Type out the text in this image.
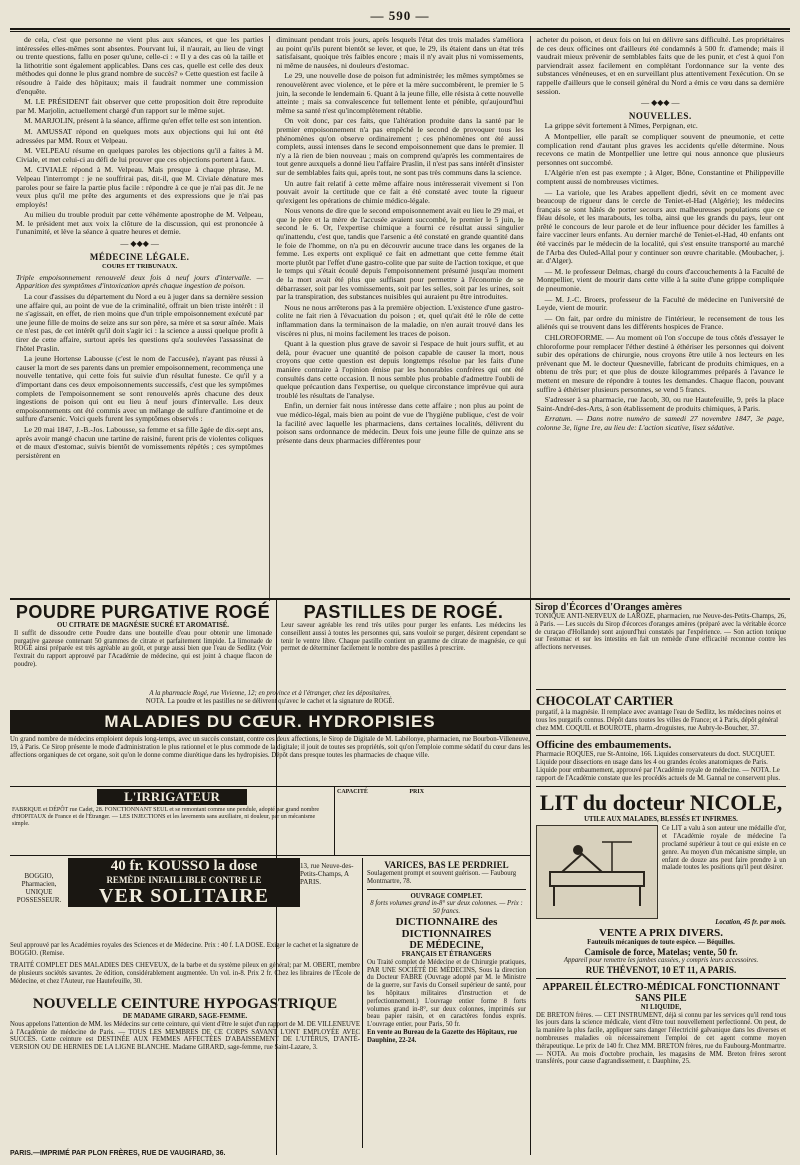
— 590 —

de cela, c'est que personne ne vient plus aux séances, et que les parties intéressées elles-mêmes sont absentes. Pourvant lui, il n'aurait, au lieu de vingt ou trente questions, fallu en poser qu'une, celle-ci : « Il y a des cas où la taille et la lithotritie sont également applicables. Dans ces cas, quelle est celle des deux méthodes qui donne le plus grand nombre de succès? » Cette question est facile à résoudre à l'aide des hôpitaux; mais il faudrait nommer une commission d'enquête.

M. LE PRÉSIDENT fait observer que cette proposition doit être reproduite par M. Marjolin, actuellement chargé d'un rapport sur le même sujet.

M. MARJOLIN, présent à la séance, affirme qu'en effet telle est son intention.

M. AMUSSAT répond en quelques mots aux objections qui lui ont été adressées par MM. Roux et Velpeau.

M. VELPEAU résume en quelques paroles les objections qu'il a faites à M. Civiale, et met celui-ci au défi de lui prouver que ces objections portent à faux.

M. CIVIALE répond à M. Velpeau. Mais presque à chaque phrase, M. Velpeau l'interrompt : je ne souffrirai pas, dit-il, que M. Civiale dénature mes paroles pour se faire la partie plus facile : répondre à ce que je n'ai pas dit. Je ne veux plus qu'il me prête des arguments et des expressions que je n'ai pas employés!

Au milieu du trouble produit par cette véhémente apostrophe de M. Velpeau, M. le président met aux voix la clôture de la discussion, qui est prononcée à l'unanimité, et lève la séance à quatre heures et demie.

— ◆◆◆ —
MÉDECINE LÉGALE.
COURS ET TRIBUNAUX.

Triple empoisonnement renouvelé deux fois à neuf jours d'intervalle. — Apparition des symptômes d'intoxication après chaque ingestion de poison.

La cour d'assises du département du Nord a eu à juger dans sa dernière session une affaire qui, au point de vue de la criminalité, offrait un bien triste intérêt : il ne s'agissait, en effet, de rien moins que d'un triple empoisonnement exécuté par une jeune fille de moins de seize ans sur son père, sa mère et sa sœur aînée. Mais ce n'est pas, de cet intérêt qu'il doit s'agir ici : la science a aussi quelque profit à tirer de cette affaire, surtout après les questions qu'a soulevées l'assassinat de l'hôtel Praslin.

La jeune Hortense Labousse (c'est le nom de l'accusée), n'ayant pas réussi à causer la mort de ses parents dans un premier empoisonnement, recommença une nouvelle tentative, qui cette fois fut suivie d'un résultat funeste. Ce qu'il y a d'important dans ces deux empoisonnements successifs, c'est que les symptômes complets de l'empoisonnement se sont renouvelés après chacune des deux ingestions de poison qui ont eu lieu à neuf jours d'intervalle. Les deux empoisonnements ont été commis avec un mélange de sulfure d'antimoine et de sulfure d'arsenic. Voici quels furent les symptômes observés :

Le 20 mai 1847, J.-B.-Jos. Labousse, sa femme et sa fille âgée de dix-sept ans, après avoir mangé chacun une tartine de raisiné, furent pris de violentes coliques et de maux d'estomac, suivis bientôt de vomissements répétés ; ces symptômes persistèrent en

diminuant pendant trois jours, après lesquels l'état des trois malades s'améliora au point qu'ils purent bientôt se lever, et que, le 29, ils étaient dans un état très satisfaisant, quoique très faibles encore ; mais il n'y avait plus ni vomissements, ni même de nausées, ni douleurs d'estomac.

Le 29, une nouvelle dose de poison fut administrée; les mêmes symptômes se renouvelèrent avec violence, et le père et la mère succombèrent, le premier le 5 juin, la seconde le lendemain 6. Quant à la jeune fille, elle résista à cette nouvelle atteinte ; mais sa convalescence fut tellement lente et pénible, qu'aujourd'hui même sa santé n'est qu'incomplètement rétablie.

On voit donc, par ces faits, que l'altération produite dans la santé par le premier empoisonnement n'a pas empêché le second de provoquer tous les phénomènes qu'on observe ordinairement ; ces phénomènes ont été aussi complets, aussi intenses dans le second empoisonnement que dans le premier. Il n'y a là rien de bien nouveau ; mais on comprend qu'après les commentaires de tout genre auxquels a donné lieu l'affaire Praslin, il n'est pas sans intérêt d'insister sur de semblables faits qui, après tout, ne sont pas très communs dans la science.

Un autre fait relatif à cette même affaire nous intéresserait vivement si l'on pouvait avoir la certitude que ce fait a été constaté avec toute la rigueur qu'exigent les opérations de chimie médico-légale.

Nous venons de dire que le second empoisonnement avait eu lieu le 29 mai, et que le père et la mère de l'accusée avaient succombé, le premier le 5 juin, le second le 6. Or, l'expertise chimique a fourni ce résultat aussi singulier qu'inattendu, c'est que, tandis que l'arsenic a été constaté en grande quantité dans le foie de l'homme, on n'a pu en découvrir aucune trace dans les organes de la femme. Les experts ont expliqué ce fait en admettant que cette femme était morte plutôt par l'effet d'une gastro-colite que par suite de l'action toxique, et que le temps qui s'était écoulé depuis l'empoisonnement présumé jusqu'au moment de la mort avait été plus que suffisant pour permettre à l'économie de se débarrasser, soit par les vomissements, soit par les selles, soit par les urines, soit par la transpiration, des substances nuisibles qui auraient pu être introduites.

Nous ne nous arrêterons pas à la première objection. L'existence d'une gastro-colite ne fait rien à l'évacuation du poison ; et, quel qu'ait été le rôle de cette inflammation dans la terminaison de la maladie, on n'en aurait trouvé dans les viscères ni plus, ni moins facilement les traces de poison.

Quant à la question plus grave de savoir si l'espace de huit jours suffit, et au delà, pour évacuer une quantité de poison capable de causer la mort, nous croyons que cette question est depuis longtemps résolue par les faits d'une manière contraire à l'opinion émise par les honorables confrères qui ont été consultés dans cette occasion. Il nous semble plus probable d'admettre l'oubli de quelque précaution dans l'expertise, ou quelque circonstance imprévue qui aura troublé les résultats de l'analyse.

Enfin, un dernier fait nous intéresse dans cette affaire ; non plus au point de vue médico-légal, mais bien au point de vue de l'hygiène publique, c'est de voir la facilité avec laquelle les pharmaciens, dans certaines localités, délivrent du poison sans ordonnance de médecin. Deux fois une jeune fille de quinze ans se présente dans deux pharmacies différentes pour

acheter du poison, et deux fois on lui en délivre sans difficulté. Les propriétaires de ces deux officines ont d'ailleurs été condamnés à 500 fr. d'amende; mais il vaudrait mieux prévenir de semblables faits que de les punir, et c'est à quoi l'on parviendrait assez facilement en complétant l'ordonnance sur la vente des substances vénéneuses, et en en surveillant plus attentivement l'exécution. On se rappelle d'ailleurs que le conseil général du Nord a émis ce vœu dans sa dernière session.

— ◆◆◆ —
NOUVELLES.

La grippe sévit fortement à Nîmes, Perpignan, etc.

A Montpellier, elle paraît se compliquer souvent de pneumonie, et cette complication rend d'autant plus graves les accidents qu'elle détermine. Nous recevons ce matin de Montpellier une lettre qui nous annonce que plusieurs personnes ont succombé.

L'Algérie n'en est pas exempte ; à Alger, Bône, Constantine et Philippeville comptent aussi de nombreuses victimes.

— La variole, que les Arabes appellent djedri, sévit en ce moment avec beaucoup de rigueur dans le cercle de Teniet-el-Had (Algérie); les médecins français se sont hâtés de porter secours aux malheureuses populations que ce fléau désole, et les marabouts, les tolba, ainsi que les grands du pays, leur ont prêté le concours de leur parole et de leur influence pour décider les familles à faire vacciner leurs enfants. Au dernier marché de Teniet-el-Had, 40 enfants ont été vaccinés par le médecin de la localité, qui s'est ensuite transporté au marché de l'Arba des Ouled-Allal pour y continuer son œuvre charitable. (Moubacher, j. ar. d'Alger).

— M. le professeur Delmas, chargé du cours d'accouchements à la Faculté de Montpellier, vient de mourir dans cette ville à la suite d'une grippe compliquée de pneumonie.

— M. J.-C. Broers, professeur de la Faculté de médecine en l'université de Leyde, vient de mourir.

— On fait, par ordre du ministre de l'intérieur, le recensement de tous les aliénés qui se trouvent dans les différents hospices de France.

CHLOROFORME. — Au moment où l'on s'occupe de tous côtés d'essayer le chloroforme pour remplacer l'éther destiné à éthériser les personnes qui doivent subir des opérations de chirurgie, nous croyons être utile à nos lecteurs en les prévenant que M. le docteur Quesneville, fabricant de produits chimiques, en a obtenu de très pur; et que plus de douze kilogrammes préparés à l'avance le mettent en mesure de répondre à toutes les demandes. Chaque flacon, pouvant suffire à éthériser plusieurs personnes, se vend 5 francs.

S'adresser à sa pharmacie, rue Jacob, 30, ou rue Hautefeuille, 9, près la place Saint-André-des-Arts, à son établissement de produits chimiques, à Paris.

Erratum. — Dans notre numéro de samedi 27 novembre 1847, 3e page, colonne 3e, ligne 1re, au lieu de: L'action sicative, lisez sédative.

POUDRE PURGATIVE ROGÉ
OU CITRATE DE MAGNÉSIE SUCRÉ ET AROMATISÉ.
Il suffit de dissoudre cette Poudre dans une bouteille d'eau pour obtenir une limonade purgative gazeuse contenant 50 grammes de citrate et parfaitement limpide. La limonade de ROGÉ ainsi préparée est très agréable au goût, et purge aussi bien que l'eau de Sedlitz (Voir l'extrait du rapport approuvé par l'Académie de médecine, qui est joint à chaque flacon de poudre).
PASTILLES DE ROGÉ.
Leur saveur agréable les rend très utiles pour purger les enfants. Les médecins les conseillent aussi à toutes les personnes qui, sans vouloir se purger, désirent cependant se tenir le ventre libre. Chaque pastille contient un gramme de citrate de magnésie, ce qui permet de déterminer facilement le nombre des pastilles à prescrire.
Sirop d'Écorces d'Oranges amères
TONIQUE ANTI-NERVEUX de LAROZE, pharmacien, rue Neuve-des-Petits-Champs, 26, à Paris. — Les succès du Sirop d'écorces d'oranges amères (préparé avec la véritable écorce de curaçao d'Hollande) sont aujourd'hui constatés par l'expérience. — Son action tonique sur l'estomac et sur les intestins en fait un remède d'une efficacité reconnue contre les affections nerveuses.
A la pharmacie Rogé, rue Vivienne, 12; en province et à l'étranger, chez les dépositaires.
NOTA. La poudre et les pastilles ne se délivrent qu'avec le cachet et la signature de ROGÉ.
MALADIES DU CŒUR. HYDROPISIES
Un grand nombre de médecins emploient depuis long-temps, avec un succès constant, contre ces deux affections, le Sirop de Digitale de M. Labélonye, pharmacien, rue Bourbon-Villeneuve, 19, à Paris. Ce Sirop présente le mode d'administration le plus rationnel et le plus commode de la digitale; il jouit de toutes ses propriétés, soit qu'on l'emploie comme sédatif du cœur dans les affections organiques de cet organe, soit qu'on le donne comme diurétique dans les hydropisies. Dépôt dans presque toutes les pharmacies de chaque ville.
L'IRRIGATEUR
FABRIQUE et DÉPÔT rue Cadet, 28. FONCTIONNANT SEUL et se remontant comme une pendule, adopté par grand nombre d'HOPITAUX de France et de l'Étranger. — LES INJECTIONS et les lavements sans auxiliaire, ni douleur, par un mécanisme simple.
CAPACITÉ	PRIX
BOGGIO, Pharmacien, UNIQUE POSSESSEUR.
40 fr. KOUSSO la dose
REMÈDE INFAILLIBLE CONTRE LE
VER SOLITAIRE
13, rue Neuve-des-Petits-Champs, A PARIS.
Seul approuvé par les Académies royales des Sciences et de Médecine. Prix : 40 f. LA DOSE. Exiger le cachet et la signature de BOGGIO. (Remise.
TRAITÉ COMPLET DES MALADIES DES CHEVEUX, de la barbe et du système pileux en général; par M. OBERT, membre de plusieurs sociétés savantes. 2e édition, considérablement augmentée. Un vol. in-8. Prix 2 fr. Chez les libraires de l'École de Médecine, et chez l'Auteur, rue Hautefeuille, 30.
NOUVELLE CEINTURE HYPOGASTRIQUE
DE MADAME GIRARD, SAGE-FEMME.
Nous appelons l'attention de MM. les Médecins sur cette ceinture, qui vient d'être le sujet d'un rapport de M. DE VILLENEUVE à l'Académie de médecine de Paris. — TOUS LES MEMBRES DE CE CORPS SAVANT L'ONT EMPLOYÉE AVEC SUCCÈS. Cette ceinture est DESTINÉE AUX FEMMES AFFECTÉES D'ABAISSEMENT DE L'UTÉRUS, D'ANTÉ-VERSION OU DE HERNIES DE LA LIGNE BLANCHE. Madame GIRARD, sage-femme, rue Saint-Lazare, 3.
VARICES, BAS LE PERDRIEL
Soulagement prompt et souvent guérison. — Faubourg Montmartre, 78.
OUVRAGE COMPLET.
8 forts volumes grand in-8° sur deux colonnes. — Prix : 50 francs.
DICTIONNAIRE des DICTIONNAIRES
DE MÉDECINE,
FRANÇAIS ET ÉTRANGERS
Ou Traité complet de Médecine et de Chirurgie pratiques, PAR UNE SOCIÉTÉ DE MÉDECINS, Sous la direction du Docteur FABRE (Ouvrage adopté par M. le Ministre de la guerre, sur l'avis du Conseil supérieur de santé, pour les hôpitaux militaires d'instruction et de perfectionnement.) L'ouvrage entier forme 8 forts volumes grand in-8°, sur deux colonnes, imprimés sur beau papier raisin, et en caractères fondus exprès. L'ouvrage entier, pour Paris, 50 fr.
En vente au Bureau de la Gazette des Hôpitaux, rue Dauphine, 22-24.
CHOCOLAT CARTIER
purgatif, à la magnésie. Il remplace avec avantage l'eau de Sedlitz, les médecines noires et tous les purgatifs connus. Dépôt dans toutes les villes de France; et à Paris, dépôt général chez MM. COQUIL et BOUROTE, pharm.-droguistes, rue Aubry-le-Boucher, 37.
Officine des embaumements.
Pharmacie ROQUES, rue St-Antoine, 166. Liquides conservateurs du doct. SUCQUET. Liquide pour dissections en usage dans les 4 ou grandes écoles anatomiques de Paris. Liquide pour embaumement, approuvé par l'Académie royale de médecine. — NOTA. Le rapport de l'Académie constate que les procédés actuels de M. Gannal ne conservent plus.
LIT du docteur NICOLE,
UTILE AUX MALADES, BLESSÉS ET INFIRMES.
Ce LIT a valu à son auteur une médaille d'or, et l'Académie royale de médecine l'a proclamé supérieur à tout ce qui existe en ce genre. Au moyen d'un mécanisme simple, un enfant de douze ans peut faire prendre à un malade toutes les positions qu'il peut désirer.
Location, 45 fr. par mois.
VENTE A PRIX DIVERS.
Fauteuils mécaniques de toute espèce. — Béquilles.
Camisole de force, Matelas; vente, 50 fr.
Appareil pour remettre les jambes cassées, y compris leurs accessoires.
RUE THÉVENOT, 10 ET 11, A PARIS.
APPAREIL ÉLECTRO-MÉDICAL FONCTIONNANT SANS PILE
NI LIQUIDE,
DE BRETON frères. — CET INSTRUMENT, déjà si connu par les services qu'il rend tous les jours dans la science médicale, vient d'être tout nouvellement perfectionné. On peut, de la manière la plus facile, appliquer sans danger l'électricité galvanique dans les diverses et nombreuses maladies où nécessairement l'emploi de cet agent comme moyen thérapeutique. Le prix de 140 fr. Chez MM. BRETON frères, rue du Faubourg-Montmartre. — NOTA. Au mois d'octobre prochain, les magasins de MM. Breton frères seront transférés, pour cause d'agrandissement, r. Dauphine, 25.
PARIS.—IMPRIMÉ PAR PLON FRÈRES, RUE DE VAUGIRARD, 36.
